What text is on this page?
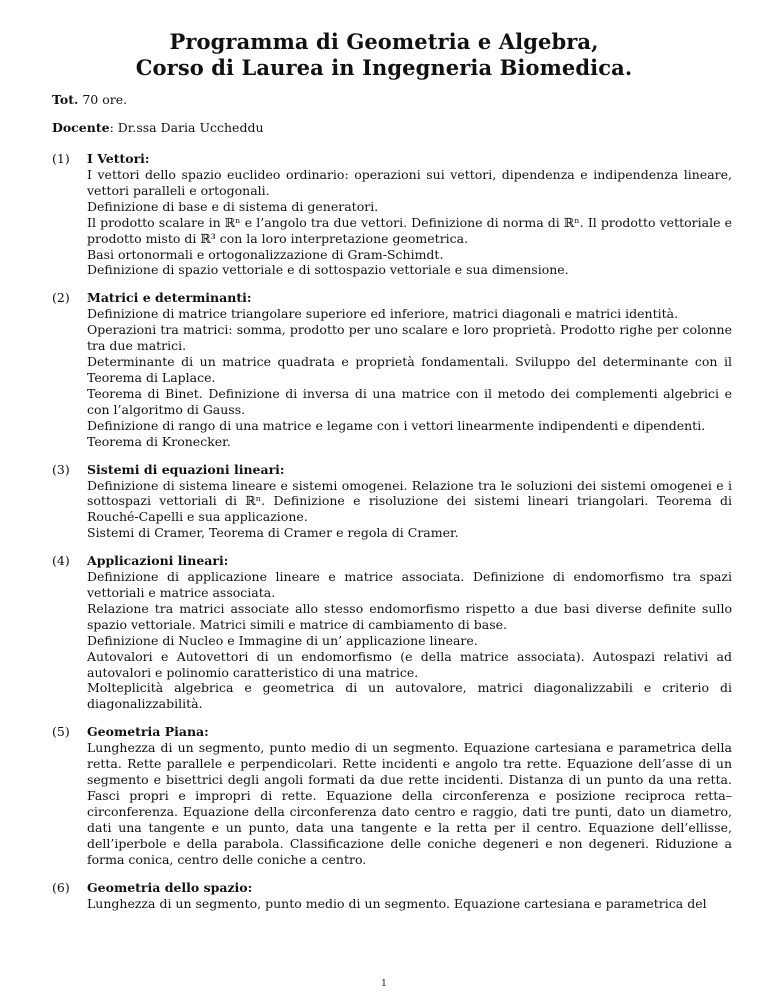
Programma di Geometria e Algebra,
Corso di Laurea in Ingegneria Biomedica.
Tot. 70 ore.
Docente: Dr.ssa Daria Uccheddu
(1) I Vettori:

I vettori dello spazio euclideo ordinario: operazioni sui vettori, dipendenza e indipendenza lineare, vettori paralleli e ortogonali.

Definizione di base e di sistema di generatori.

Il prodotto scalare in ℝⁿ e l’angolo tra due vettori. Definizione di norma di ℝⁿ. Il prodotto vettoriale e prodotto misto di ℝ³ con la loro interpretazione geometrica.

Basi ortonormali e ortogonalizzazione di Gram-Schimdt.

Definizione di spazio vettoriale e di sottospazio vettoriale e sua dimensione.

(2) Matrici e determinanti:

Definizione di matrice triangolare superiore ed inferiore, matrici diagonali e matrici identità.

Operazioni tra matrici: somma, prodotto per uno scalare e loro proprietà. Prodotto righe per colonne tra due matrici.

Determinante di un matrice quadrata e proprietà fondamentali. Sviluppo del determinante con il Teorema di Laplace.

Teorema di Binet. Definizione di inversa di una matrice con il metodo dei complementi algebrici e con l’algoritmo di Gauss.

Definizione di rango di una matrice e legame con i vettori linearmente indipendenti e dipendenti.

Teorema di Kronecker.

(3) Sistemi di equazioni lineari:

Definizione di sistema lineare e sistemi omogenei. Relazione tra le soluzioni dei sistemi omogenei e i sottospazi vettoriali di ℝⁿ. Definizione e risoluzione dei sistemi lineari triangolari. Teorema di Rouché-Capelli e sua applicazione.

Sistemi di Cramer, Teorema di Cramer e regola di Cramer.

(4) Applicazioni lineari:

Definizione di applicazione lineare e matrice associata. Definizione di endomorfismo tra spazi vettoriali e matrice associata.

Relazione tra matrici associate allo stesso endomorfismo rispetto a due basi diverse definite sullo spazio vettoriale. Matrici simili e matrice di cambiamento di base.

Definizione di Nucleo e Immagine di un’ applicazione lineare.

Autovalori e Autovettori di un endomorfismo (e della matrice associata). Autospazi relativi ad autovalori e polinomio caratteristico di una matrice.

Molteplicità algebrica e geometrica di un autovalore, matrici diagonalizzabili e criterio di diagonalizzabilità.

(5) Geometria Piana:

Lunghezza di un segmento, punto medio di un segmento. Equazione cartesiana e parametrica della retta. Rette parallele e perpendicolari. Rette incidenti e angolo tra rette. Equazione dell’asse di un segmento e bisettrici degli angoli formati da due rette incidenti. Distanza di un punto da una retta. Fasci propri e impropri di rette. Equazione della circonferenza e posizione reciproca retta–circonferenza. Equazione della circonferenza dato centro e raggio, dati tre punti, dato un diametro, dati una tangente e un punto, data una tangente e la retta per il centro. Equazione dell’ellisse, dell’iperbole e della parabola. Classificazione delle coniche degeneri e non degeneri. Riduzione a forma conica, centro delle coniche a centro.

(6) Geometria dello spazio:

Lunghezza di un segmento, punto medio di un segmento. Equazione cartesiana e parametrica del

1
